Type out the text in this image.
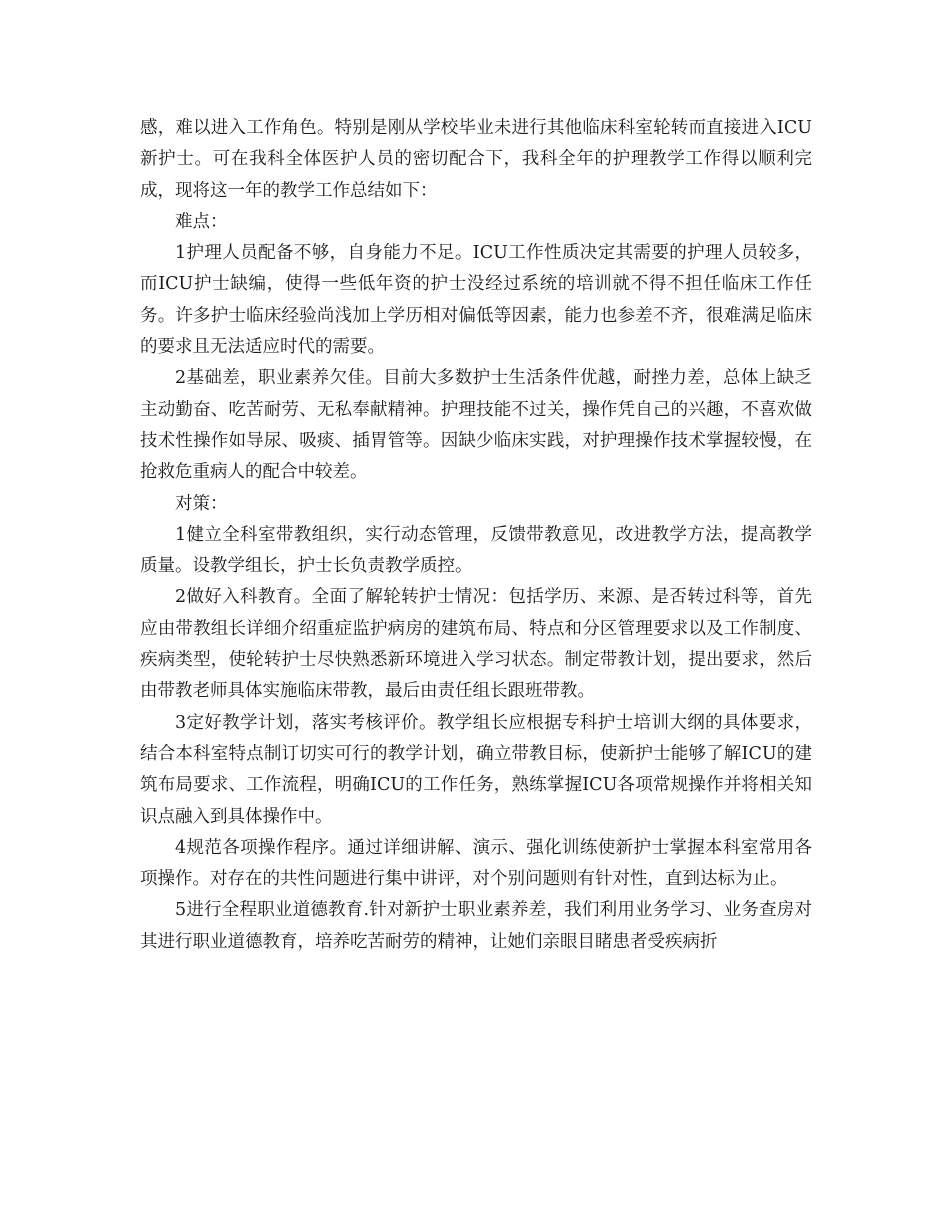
感，难以进入工作角色。特别是刚从学校毕业未进行其他临床科室轮转而直接进入ICU新护士。可在我科全体医护人员的密切配合下，我科全年的护理教学工作得以顺利完成，现将这一年的教学工作总结如下：

难点：

1护理人员配备不够，自身能力不足。ICU工作性质决定其需要的护理人员较多，而ICU护士缺编，使得一些低年资的护士没经过系统的培训就不得不担任临床工作任务。许多护士临床经验尚浅加上学历相对偏低等因素，能力也参差不齐，很难满足临床的要求且无法适应时代的需要。

2基础差，职业素养欠佳。目前大多数护士生活条件优越，耐挫力差，总体上缺乏主动勤奋、吃苦耐劳、无私奉献精神。护理技能不过关，操作凭自己的兴趣，不喜欢做技术性操作如导尿、吸痰、插胃管等。因缺少临床实践，对护理操作技术掌握较慢，在抢救危重病人的配合中较差。

对策：

1健立全科室带教组织，实行动态管理，反馈带教意见，改进教学方法，提高教学质量。设教学组长，护士长负责教学质控。

2做好入科教育。全面了解轮转护士情况：包括学历、来源、是否转过科等，首先应由带教组长详细介绍重症监护病房的建筑布局、特点和分区管理要求以及工作制度、疾病类型，使轮转护士尽快熟悉新环境进入学习状态。制定带教计划，提出要求，然后由带教老师具体实施临床带教，最后由责任组长跟班带教。

3定好教学计划，落实考核评价。教学组长应根据专科护士培训大纲的具体要求，结合本科室特点制订切实可行的教学计划，确立带教目标，使新护士能够了解ICU的建筑布局要求、工作流程，明确ICU的工作任务，熟练掌握ICU各项常规操作并将相关知识点融入到具体操作中。

4规范各项操作程序。通过详细讲解、演示、强化训练使新护士掌握本科室常用各项操作。对存在的共性问题进行集中讲评，对个别问题则有针对性，直到达标为止。

5进行全程职业道德教育.针对新护士职业素养差，我们利用业务学习、业务查房对其进行职业道德教育，培养吃苦耐劳的精神，让她们亲眼目睹患者受疾病折
